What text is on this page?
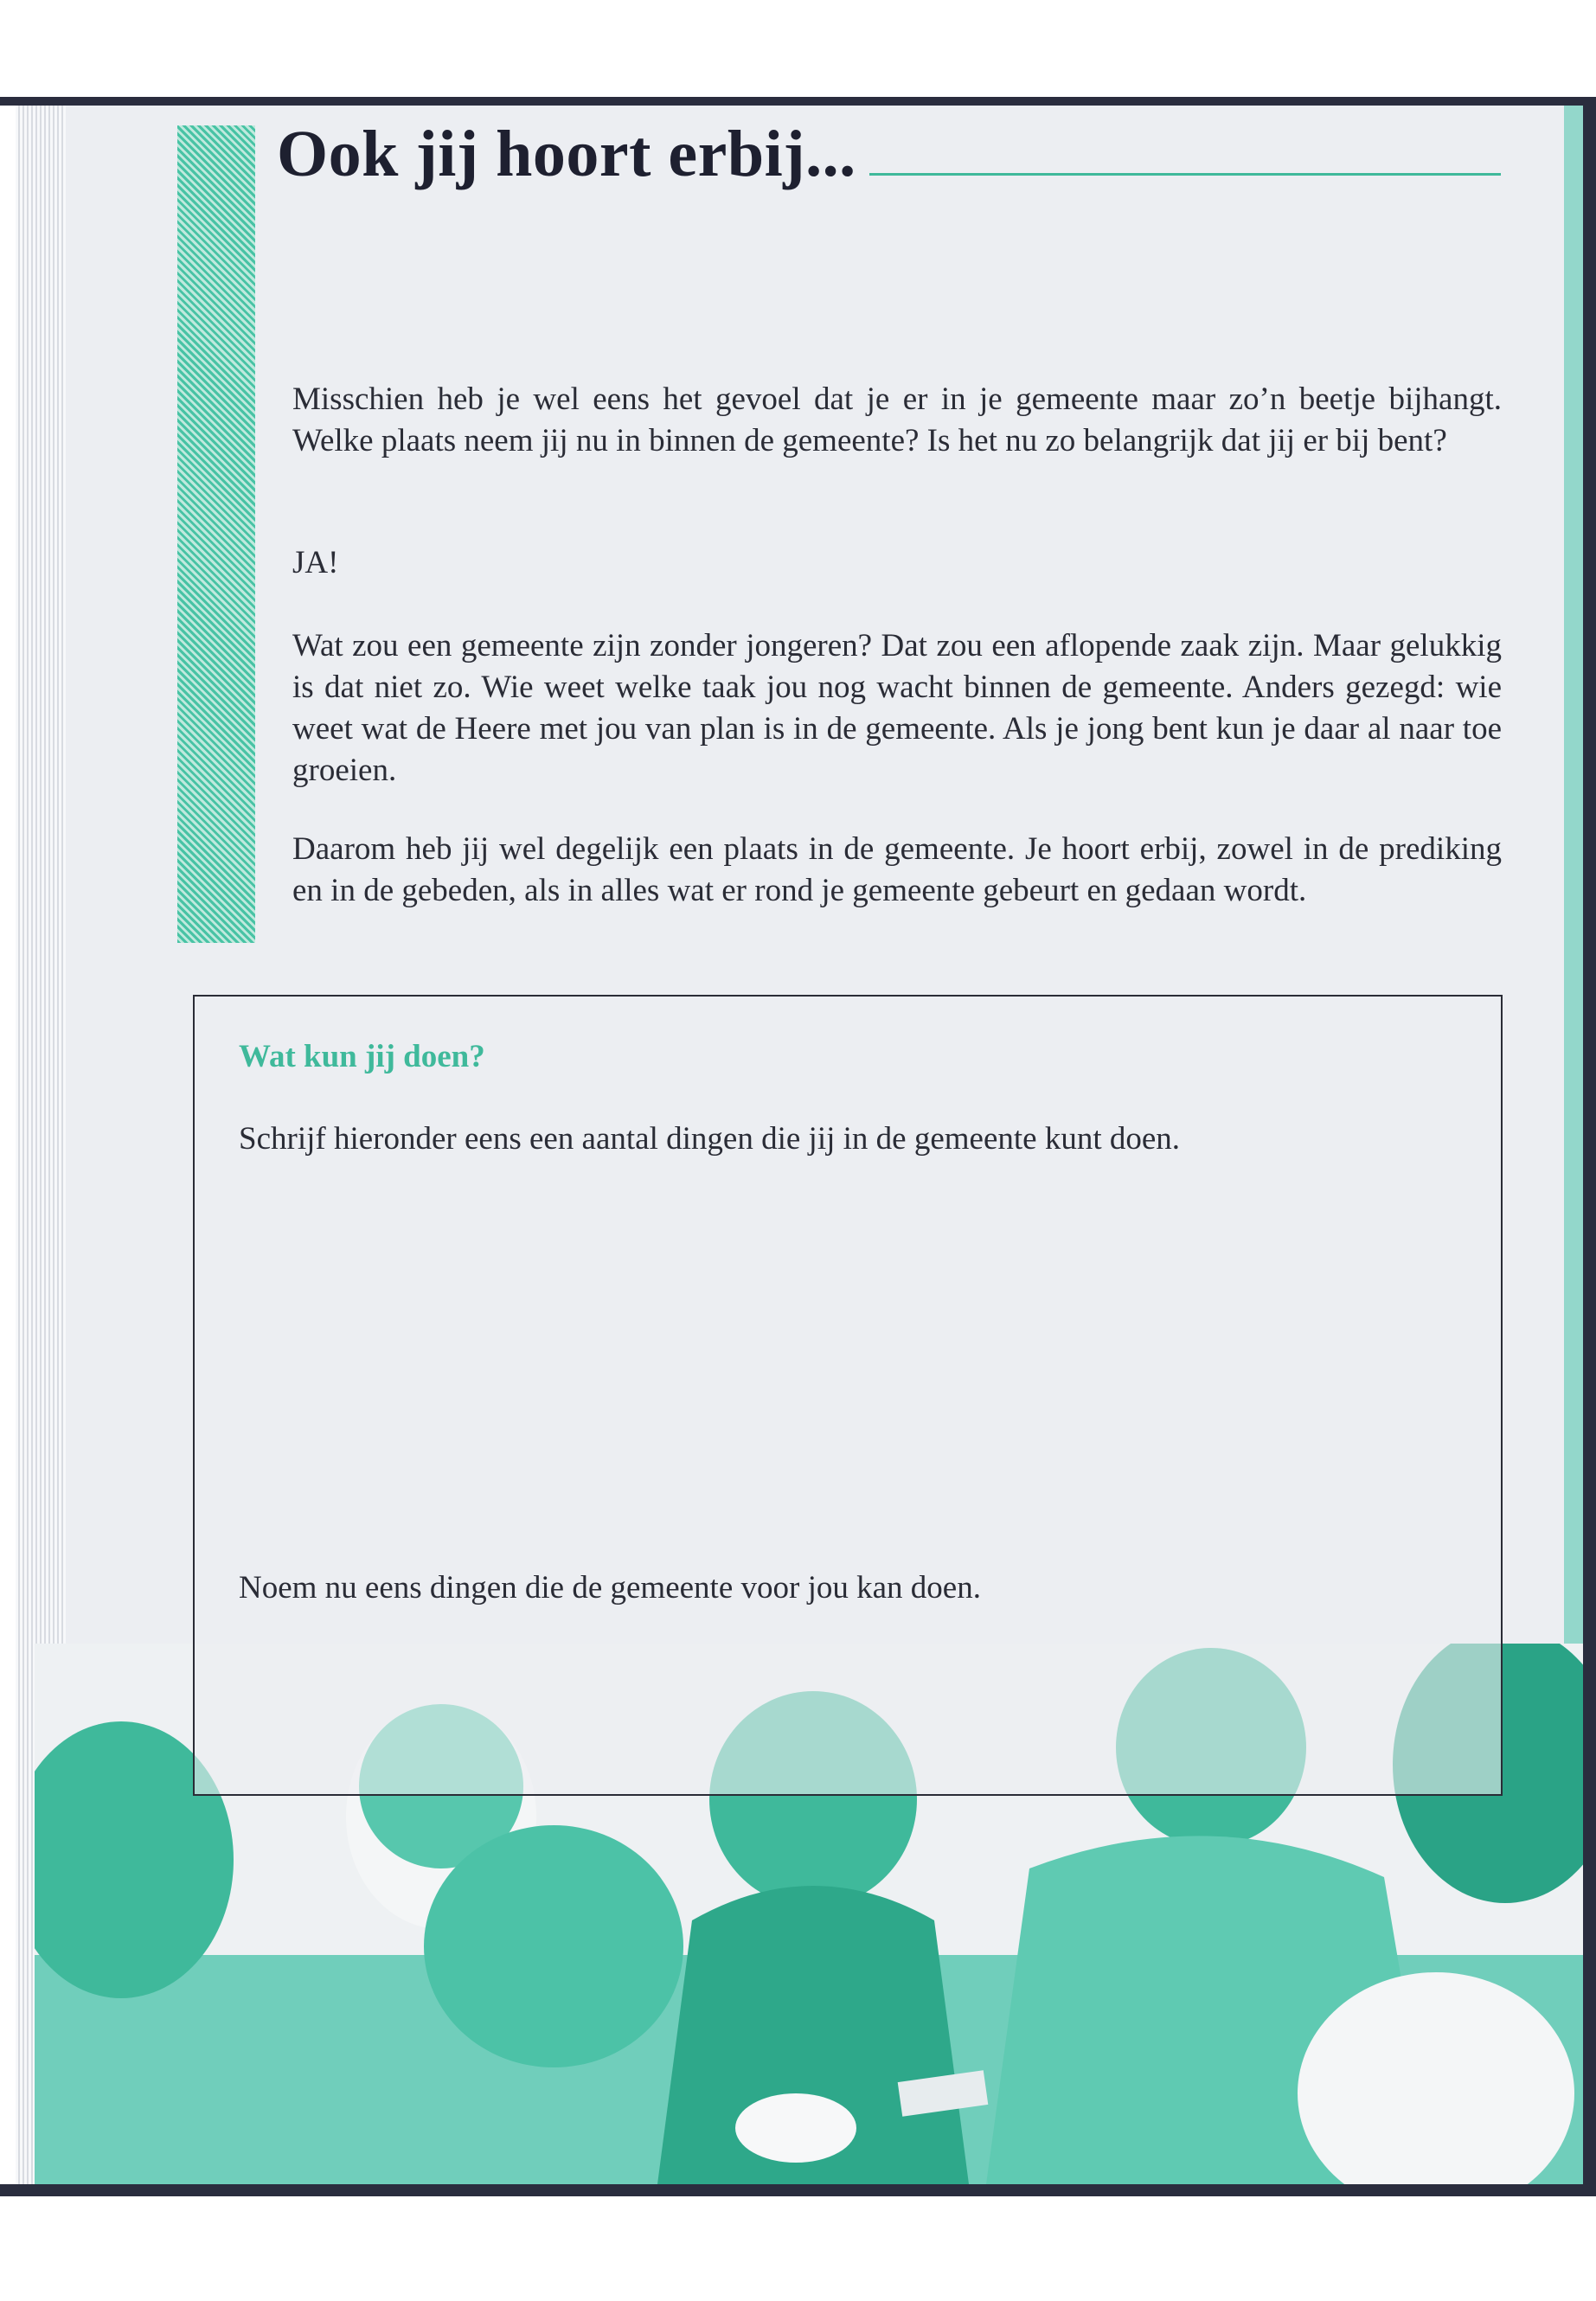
Ook jij hoort erbij...

Misschien heb je wel eens het gevoel dat je er in je gemeente maar zo’n beetje bijhangt. Welke plaats neem jij nu in binnen de gemeente? Is het nu zo belangrijk dat jij er bij bent?

JA!

Wat zou een gemeente zijn zonder jongeren? Dat zou een aflopende zaak zijn. Maar gelukkig is dat niet zo. Wie weet welke taak jou nog wacht binnen de gemeente. Anders gezegd: wie weet wat de Heere met jou van plan is in de gemeente. Als je jong bent kun je daar al naar toe groeien.

Daarom heb jij wel degelijk een plaats in de gemeente. Je hoort erbij, zowel in de prediking en in de gebeden, als in alles wat er rond je gemeente gebeurt en gedaan wordt.

Wat kun jij doen?
Schrijf hieronder eens een aantal dingen die jij in de gemeente kunt doen.
Noem nu eens dingen die de gemeente voor jou kan doen.
